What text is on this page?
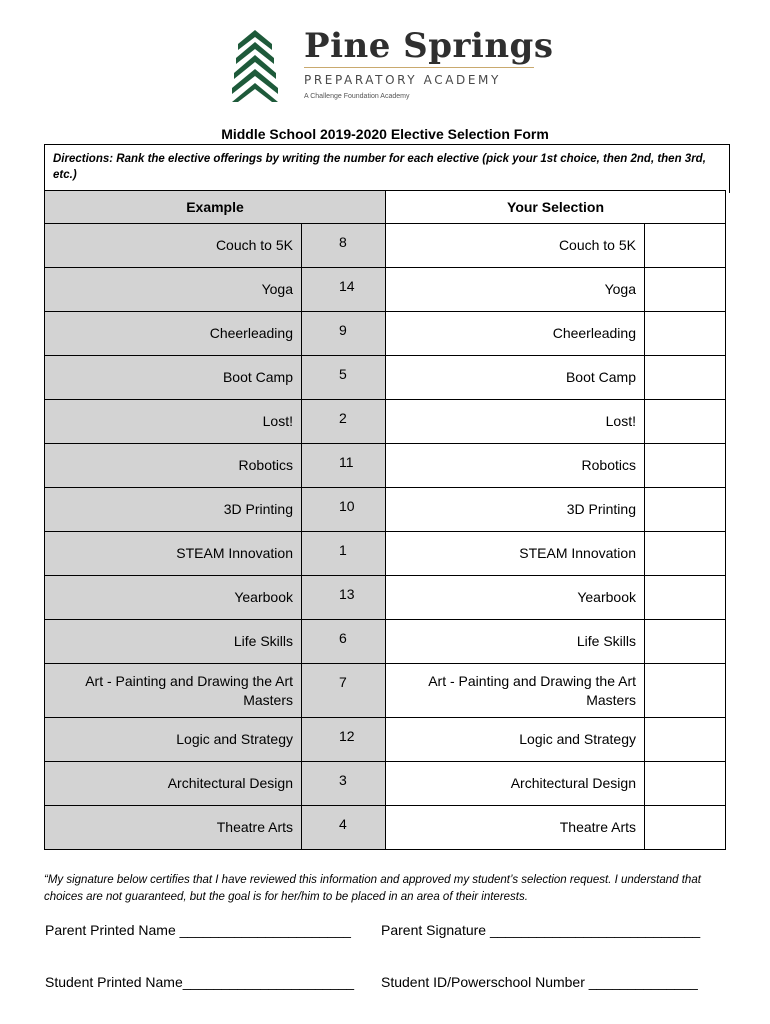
Pine Springs
PREPARATORY ACADEMY
A Challenge Foundation Academy
Middle School 2019-2020 Elective Selection Form
Directions: Rank the elective offerings by writing the number for each elective (pick your 1st choice, then 2nd, then 3rd, etc.)
Example		Your Selection	
Couch to 5K	8	Couch to 5K	
Yoga	14	Yoga	
Cheerleading	9	Cheerleading	
Boot Camp	5	Boot Camp	
Lost!	2	Lost!	
Robotics	11	Robotics	
3D Printing	10	3D Printing	
STEAM Innovation	1	STEAM Innovation	
Yearbook	13	Yearbook	
Life Skills	6	Life Skills	
Art - Painting and Drawing the Art Masters	7	Art - Painting and Drawing the Art Masters	
Logic and Strategy	12	Logic and Strategy	
Architectural Design	3	Architectural Design	
Theatre Arts	4	Theatre Arts	
“My signature below certifies that I have reviewed this information and approved my student’s selection request. I understand that choices are not guaranteed, but the goal is for her/him to be placed in an area of their interests.
Parent Printed Name ______________________ Parent Signature ___________________________
Student Printed Name______________________ Student ID/Powerschool Number ______________
